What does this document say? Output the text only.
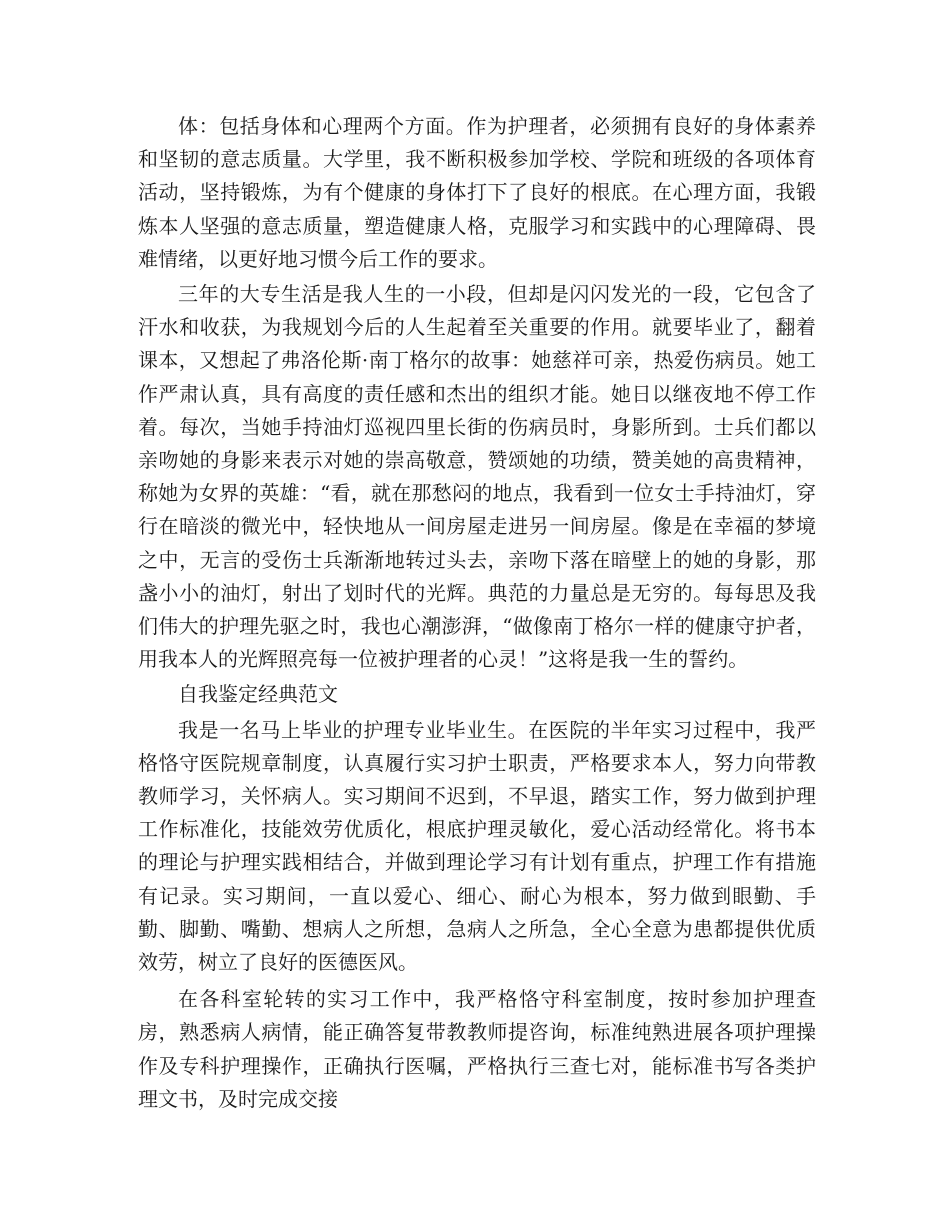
体：包括身体和心理两个方面。作为护理者，必须拥有良好的身体素养和坚韧的意志质量。大学里，我不断积极参加学校、学院和班级的各项体育活动，坚持锻炼，为有个健康的身体打下了良好的根底。在心理方面，我锻炼本人坚强的意志质量，塑造健康人格，克服学习和实践中的心理障碍、畏难情绪，以更好地习惯今后工作的要求。

三年的大专生活是我人生的一小段，但却是闪闪发光的一段，它包含了汗水和收获，为我规划今后的人生起着至关重要的作用。就要毕业了，翻着课本，又想起了弗洛伦斯·南丁格尔的故事：她慈祥可亲，热爱伤病员。她工作严肃认真，具有高度的责任感和杰出的组织才能。她日以继夜地不停工作着。每次，当她手持油灯巡视四里长街的伤病员时，身影所到。士兵们都以亲吻她的身影来表示对她的崇高敬意，赞颂她的功绩，赞美她的高贵精神，称她为女界的英雄：“看，就在那愁闷的地点，我看到一位女士手持油灯，穿行在暗淡的微光中，轻快地从一间房屋走进另一间房屋。像是在幸福的梦境之中，无言的受伤士兵渐渐地转过头去，亲吻下落在暗壁上的她的身影，那盏小小的油灯，射出了划时代的光辉。典范的力量总是无穷的。每每思及我们伟大的护理先驱之时，我也心潮澎湃，“做像南丁格尔一样的健康守护者，用我本人的光辉照亮每一位被护理者的心灵！”这将是我一生的誓约。

自我鉴定经典范文

我是一名马上毕业的护理专业毕业生。在医院的半年实习过程中，我严格恪守医院规章制度，认真履行实习护士职责，严格要求本人，努力向带教教师学习，关怀病人。实习期间不迟到，不早退，踏实工作，努力做到护理工作标准化，技能效劳优质化，根底护理灵敏化，爱心活动经常化。将书本的理论与护理实践相结合，并做到理论学习有计划有重点，护理工作有措施有记录。实习期间，一直以爱心、细心、耐心为根本，努力做到眼勤、手勤、脚勤、嘴勤、想病人之所想，急病人之所急，全心全意为患都提供优质效劳，树立了良好的医德医风。

在各科室轮转的实习工作中，我严格恪守科室制度，按时参加护理查房，熟悉病人病情，能正确答复带教教师提咨询，标准纯熟进展各项护理操作及专科护理操作，正确执行医嘱，严格执行三查七对，能标准书写各类护理文书，及时完成交接
